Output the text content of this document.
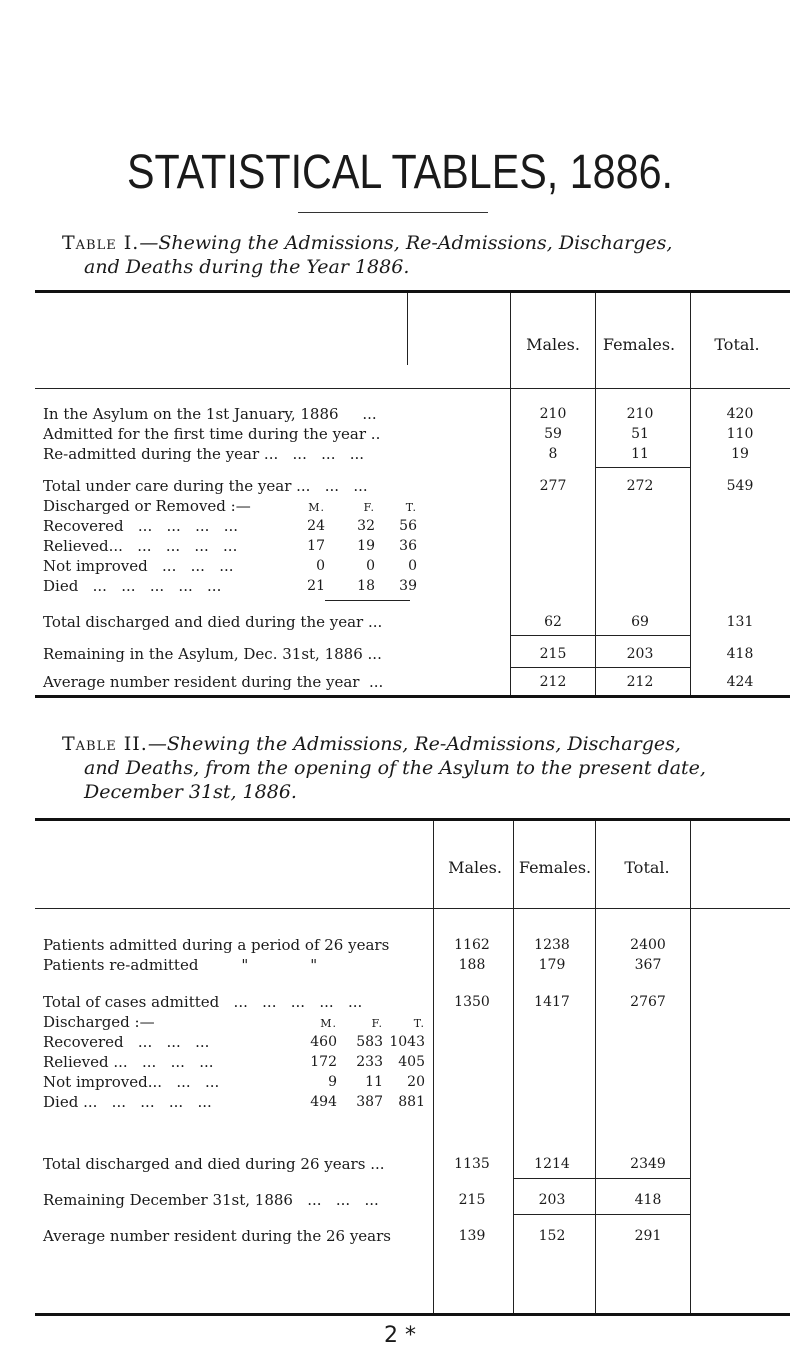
STATISTICAL TABLES, 1886.
Table I.—Shewing the Admissions, Re-Admissions, Discharges,
and Deaths during the Year 1886.
Males.	Females.	Total.
In the Asylum on the 1st January, 1886     ...	210	210	420
Admitted for the first time during the year ..	59	51	110
Re-admitted during the year ...   ...   ...   ...	8	11	19
Total under care during the year ...   ...   ...	277	272	549
Discharged or Removed :—	M.	F.	T.
Recovered   ...   ...   ...   ...	24	32	56
Relieved...   ...   ...   ...   ...	17	19	36
Not improved   ...   ...   ...	0	0	0
Died   ...   ...   ...   ...   ...	21	18	39
Total discharged and died during the year ...	62	69	131
Remaining in the Asylum, Dec. 31st, 1886 ...	215	203	418
Average number resident during the year  ...	212	212	424
Table II.—Shewing the Admissions, Re-Admissions, Discharges,
and Deaths, from the opening of the Asylum to the present date,
December 31st, 1886.
Males.	Females.	Total.
Patients admitted during a period of 26 years	1162	1238	2400
Patients re-admitted         "             "	188	179	367
Total of cases admitted   ...   ...   ...   ...   ...	1350	1417	2767
Discharged :—	M.	F.	T.
Recovered   ...   ...   ...	460	583 1043
Relieved ...   ...   ...   ...	172	233	405
Not improved...   ...   ...	9	11	20
Died ...   ...   ...   ...   ...	494	387	881
Total discharged and died during 26 years ...	1135	1214	2349
Remaining December 31st, 1886   ...   ...   ...	215	203	418
Average number resident during the 26 years	139	152	291
2 *
